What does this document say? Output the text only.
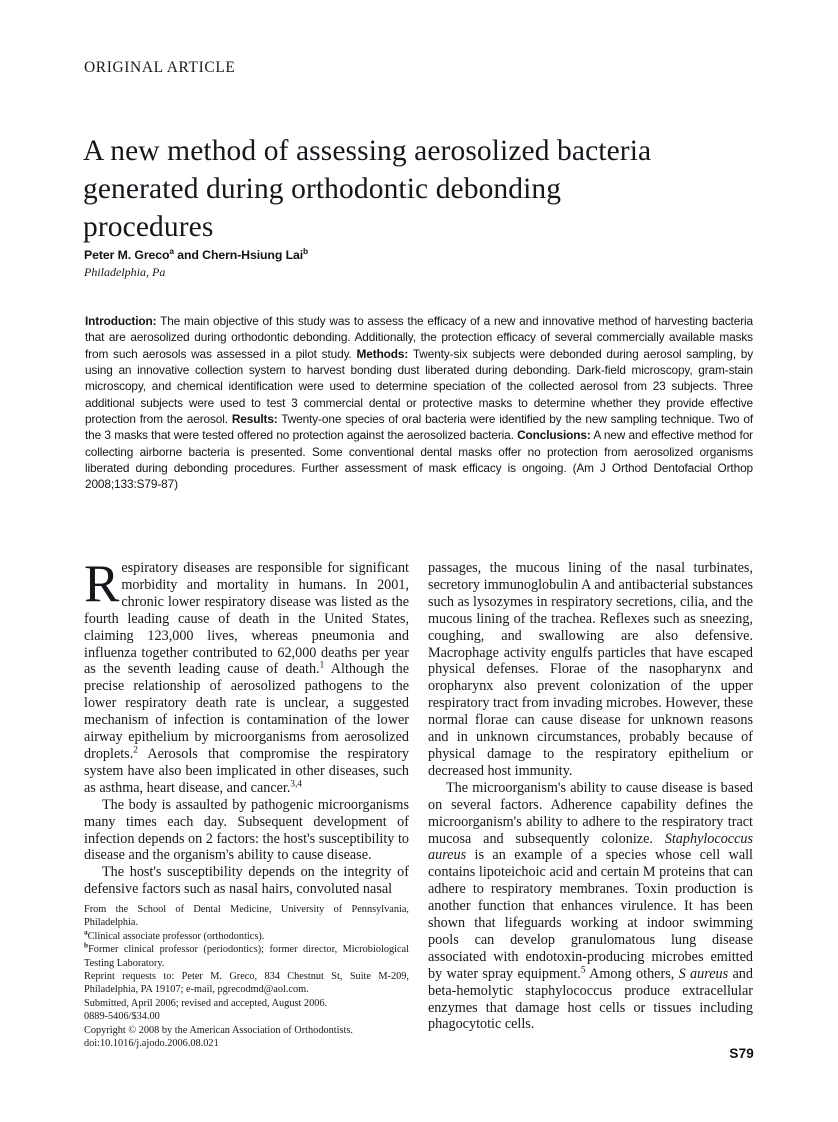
ORIGINAL ARTICLE
A new method of assessing aerosolized bacteria generated during orthodontic debonding procedures
Peter M. Greco$^a$ and Chern-Hsiung Lai$^b$
Philadelphia, Pa
Introduction: The main objective of this study was to assess the efficacy of a new and innovative method of harvesting bacteria that are aerosolized during orthodontic debonding. Additionally, the protection efficacy of several commercially available masks from such aerosols was assessed in a pilot study. Methods: Twenty-six subjects were debonded during aerosol sampling, by using an innovative collection system to harvest bonding dust liberated during debonding. Dark-field microscopy, gram-stain microscopy, and chemical identification were used to determine speciation of the collected aerosol from 23 subjects. Three additional subjects were used to test 3 commercial dental or protective masks to determine whether they provide effective protection from the aerosol. Results: Twenty-one species of oral bacteria were identified by the new sampling technique. Two of the 3 masks that were tested offered no protection against the aerosolized bacteria. Conclusions: A new and effective method for collecting airborne bacteria is presented. Some conventional dental masks offer no protection from aerosolized organisms liberated during debonding procedures. Further assessment of mask efficacy is ongoing. (Am J Orthod Dentofacial Orthop 2008;133:S79-87)

Respiratory diseases are responsible for significant morbidity and mortality in humans. In 2001, chronic lower respiratory disease was listed as the fourth leading cause of death in the United States, claiming 123,000 lives, whereas pneumonia and influenza together contributed to 62,000 deaths per year as the seventh leading cause of death.$^1$ Although the precise relationship of aerosolized pathogens to the lower respiratory death rate is unclear, a suggested mechanism of infection is contamination of the lower airway epithelium by microorganisms from aerosolized droplets.$^2$ Aerosols that compromise the respiratory system have also been implicated in other diseases, such as asthma, heart disease, and cancer.$^{3,4}$

The body is assaulted by pathogenic microorganisms many times each day. Subsequent development of infection depends on 2 factors: the host's susceptibility to disease and the organism's ability to cause disease.

The host's susceptibility depends on the integrity of defensive factors such as nasal hairs, convoluted nasal

passages, the mucous lining of the nasal turbinates, secretory immunoglobulin A and antibacterial substances such as lysozymes in respiratory secretions, cilia, and the mucous lining of the trachea. Reflexes such as sneezing, coughing, and swallowing are also defensive. Macrophage activity engulfs particles that have escaped physical defenses. Florae of the nasopharynx and oropharynx also prevent colonization of the upper respiratory tract from invading microbes. However, these normal florae can cause disease for unknown reasons and in unknown circumstances, probably because of physical damage to the respiratory epithelium or decreased host immunity.

The microorganism's ability to cause disease is based on several factors. Adherence capability defines the microorganism's ability to adhere to the respiratory tract mucosa and subsequently colonize. Staphylococcus aureus is an example of a species whose cell wall contains lipoteichoic acid and certain M proteins that can adhere to respiratory membranes. Toxin production is another function that enhances virulence. It has been shown that lifeguards working at indoor swimming pools can develop granulomatous lung disease associated with endotoxin-producing microbes emitted by water spray equipment.$^5$ Among others, S aureus and beta-hemolytic staphylococcus produce extracellular enzymes that damage host cells or tissues including phagocytotic cells.

From the School of Dental Medicine, University of Pennsylvania, Philadelphia.

$^a$Clinical associate professor (orthodontics).

$^b$Former clinical professor (periodontics); former director, Microbiological Testing Laboratory.

Reprint requests to: Peter M. Greco, 834 Chestnut St, Suite M-209, Philadelphia, PA 19107; e-mail, pgrecodmd@aol.com.

Submitted, April 2006; revised and accepted, August 2006.

0889-5406/$34.00

Copyright © 2008 by the American Association of Orthodontists.

doi:10.1016/j.ajodo.2006.08.021

S79
